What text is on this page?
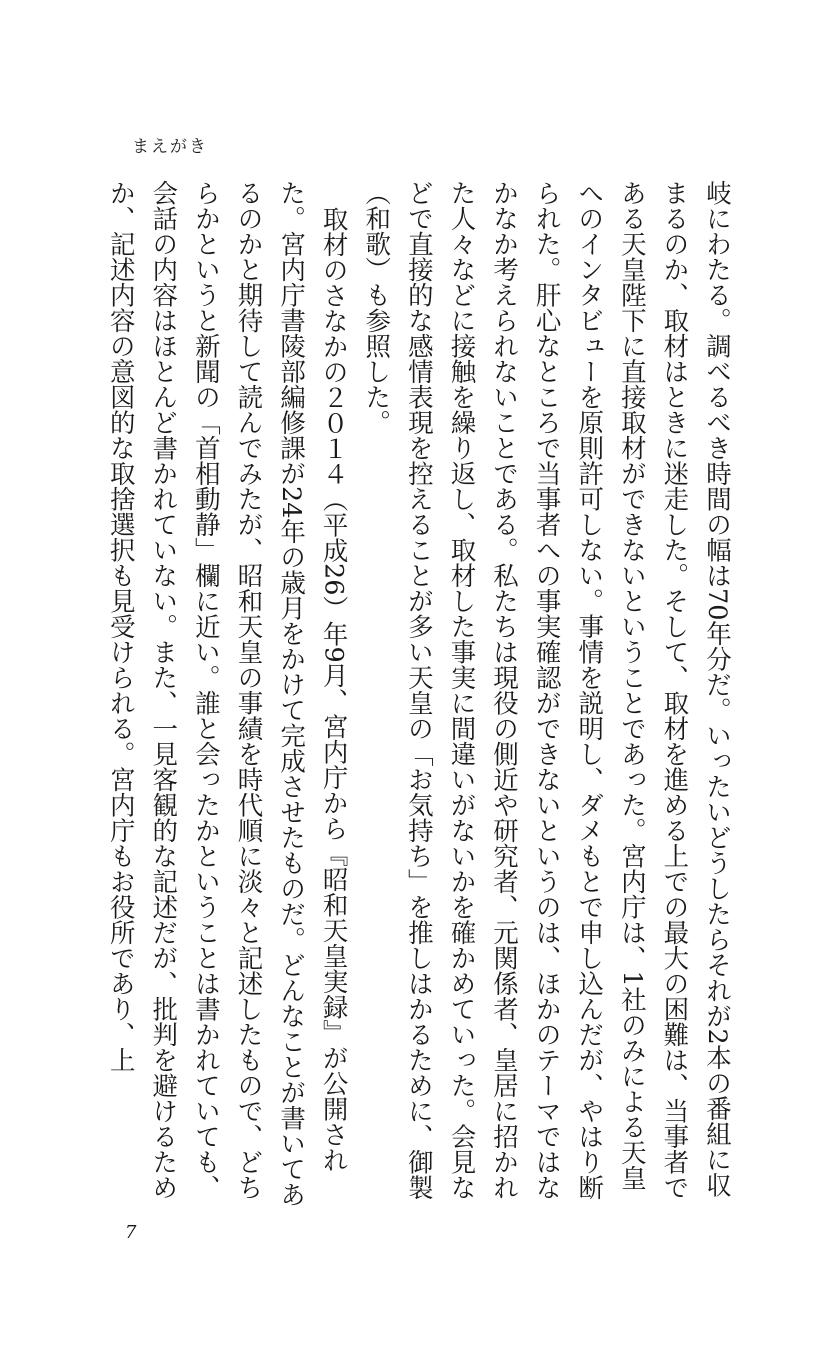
まえがき

岐にわたる。調べるべき時間の幅は70年分だ。いったいどうしたらそれが2本の番組に収まるのか、取材はときに迷走した。そして、取材を進める上での最大の困難は、当事者である天皇陛下に直接取材ができないということであった。宮内庁は、1社のみによる天皇へのインタビューを原則許可しない。事情を説明し、ダメもとで申し込んだが、やはり断られた。肝心なところで当事者への事実確認ができないというのは、ほかのテーマではなかなか考えられないことである。私たちは現役の側近や研究者、元関係者、皇居に招かれた人々などに接触を繰り返し、取材した事実に間違いがないかを確かめていった。会見などで直接的な感情表現を控えることが多い天皇の「お気持ち」を推しはかるために、御製（和歌）も参照した。

取材のさなかの２０１４（平成26）年9月、宮内庁から『昭和天皇実録』が公開された。宮内庁書陵部編修課が24年の歳月をかけて完成させたものだ。どんなことが書いてあるのかと期待して読んでみたが、昭和天皇の事績を時代順に淡々と記述したもので、どちらかというと新聞の「首相動静」欄に近い。誰と会ったかということは書かれていても、会話の内容はほとんど書かれていない。また、一見客観的な記述だが、批判を避けるためか、記述内容の意図的な取捨選択も見受けられる。宮内庁もお役所であり、上

7
